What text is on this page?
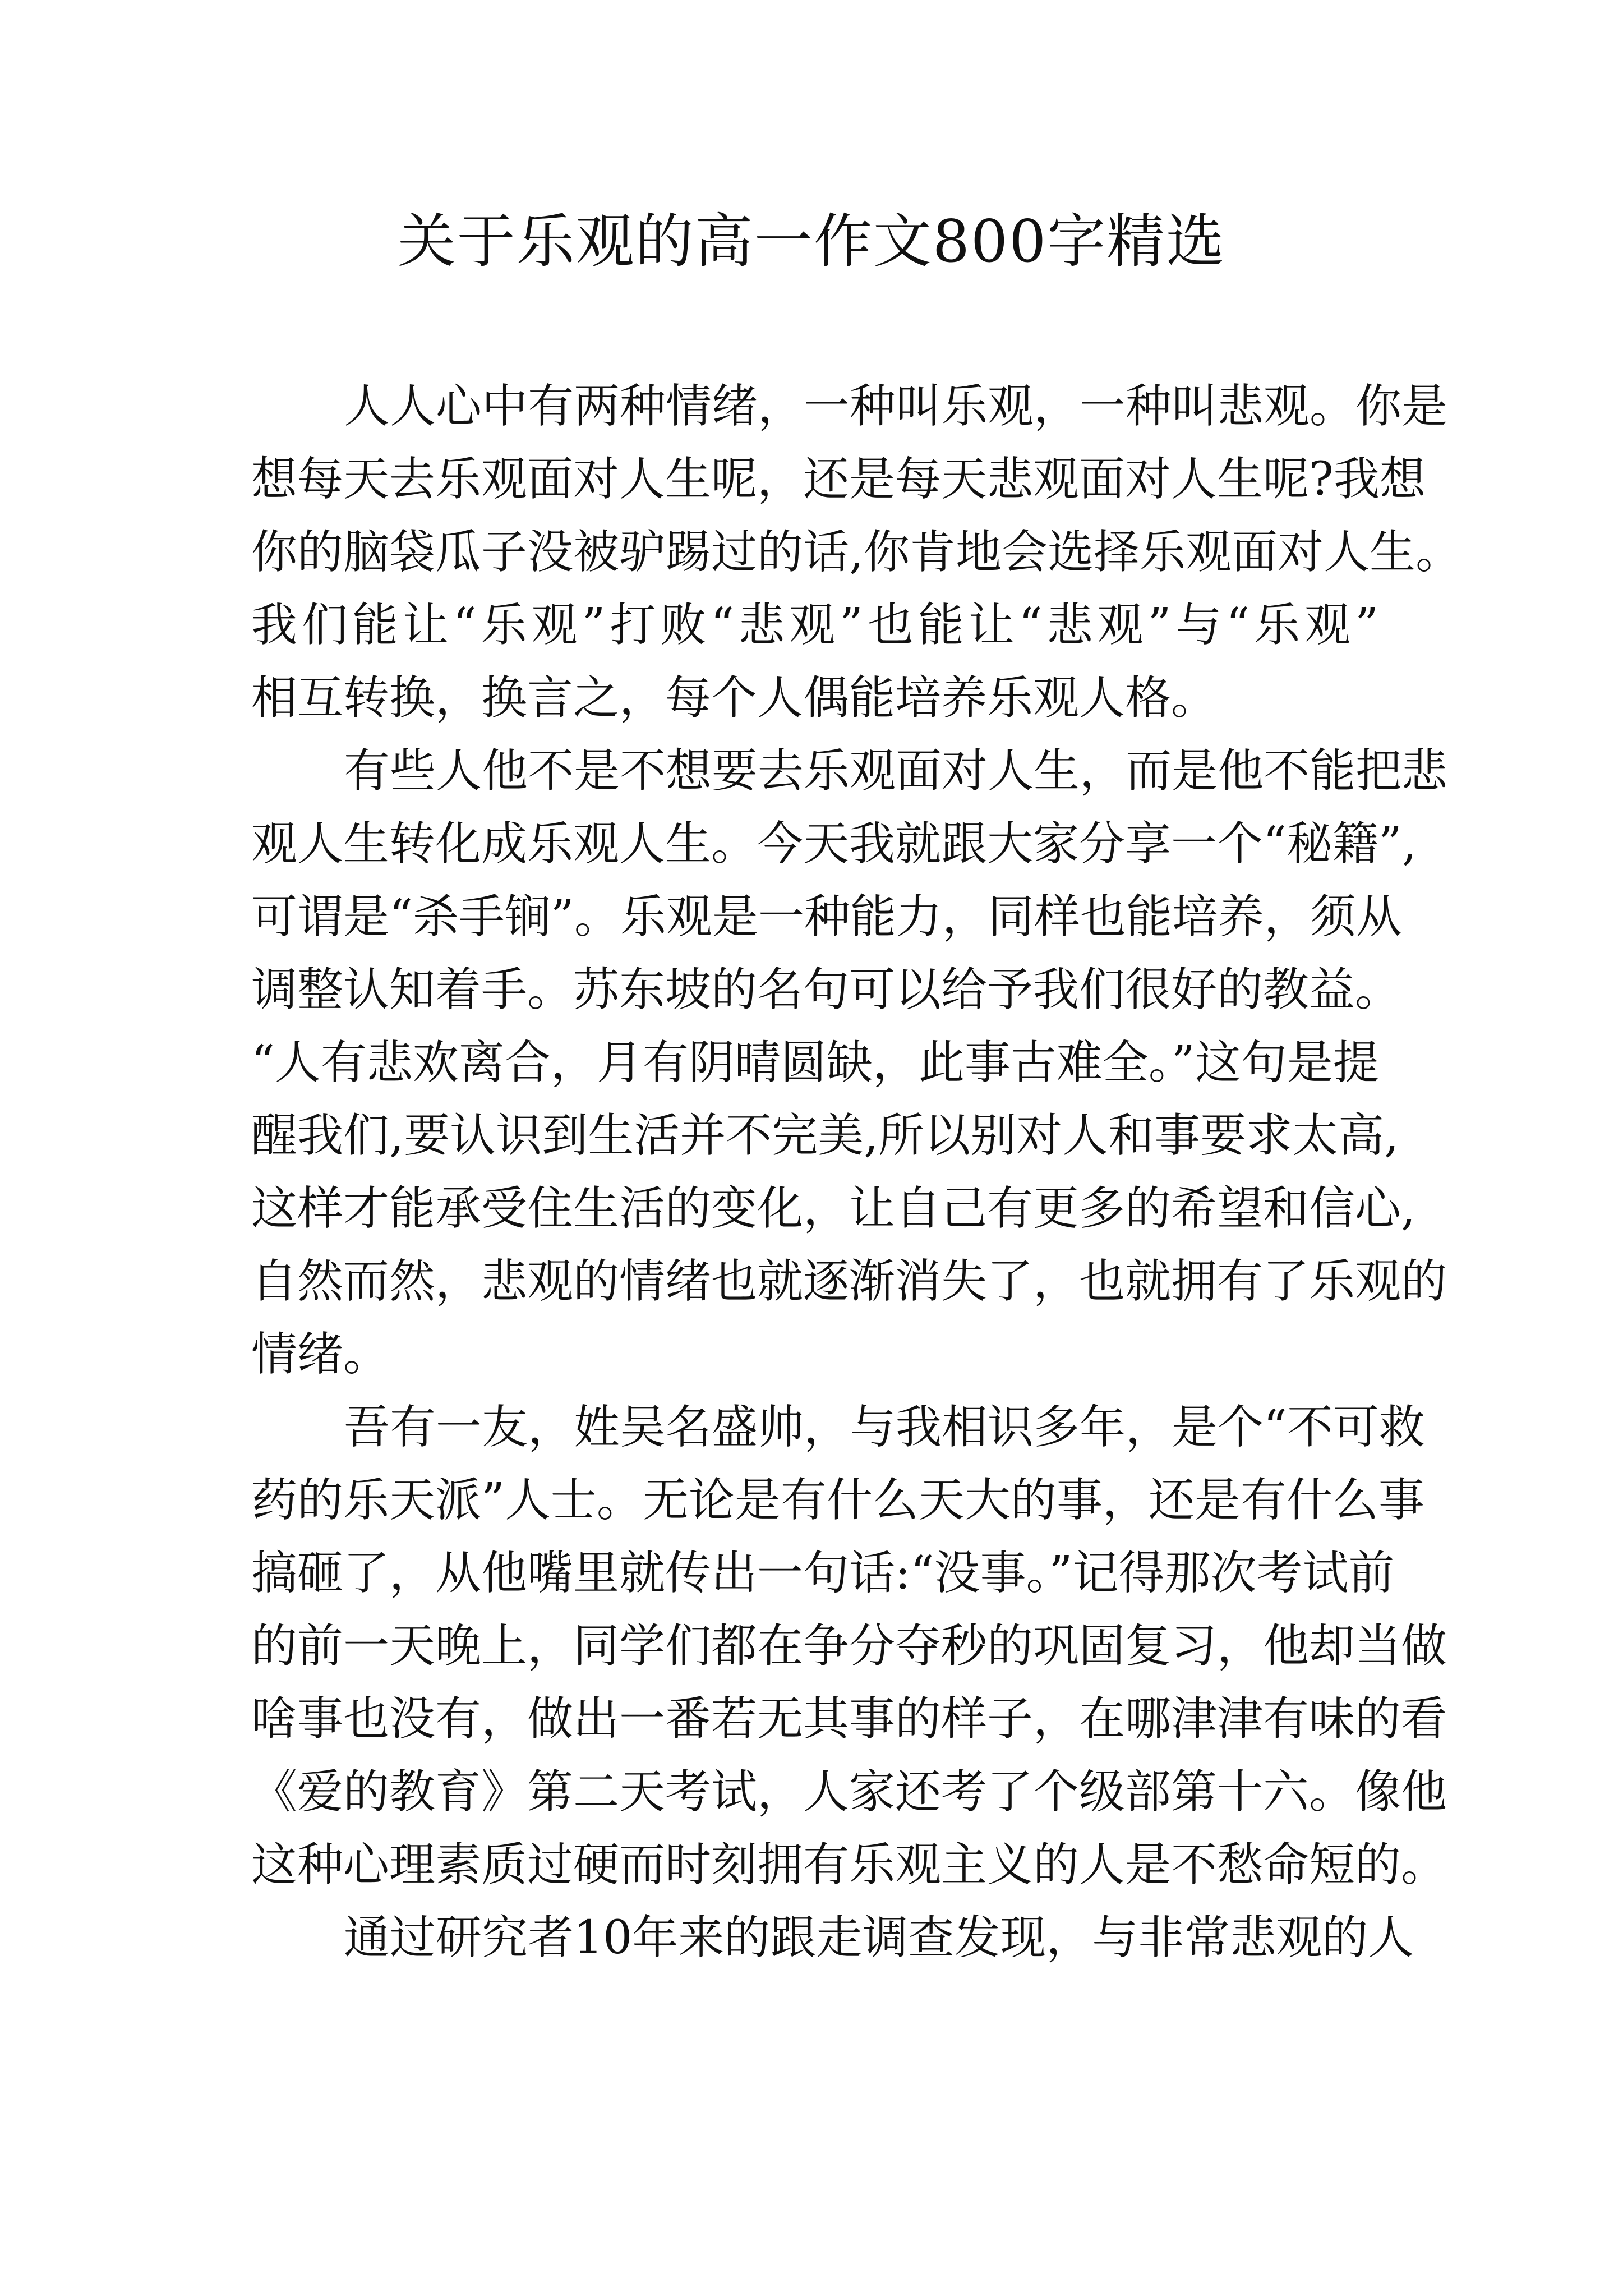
关于乐观的高一作文800字精选
人人心中有两种情绪，一种叫乐观，一种叫悲观。你是
想每天去乐观面对人生呢，还是每天悲观面对人生呢?我想
你的脑袋瓜子没被驴踢过的话,你肯地会选择乐观面对人生。
我们能让“乐观”打败“悲观”也能让“悲观”与“乐观”
相互转换，换言之，每个人偶能培养乐观人格。
有些人他不是不想要去乐观面对人生，而是他不能把悲
观人生转化成乐观人生。今天我就跟大家分享一个“秘籍”,
可谓是“杀手锏”。乐观是一种能力，同样也能培养，须从
调整认知着手。苏东坡的名句可以给予我们很好的教益。
“人有悲欢离合，月有阴晴圆缺，此事古难全。”这句是提
醒我们,要认识到生活并不完美,所以别对人和事要求太高,
这样才能承受住生活的变化，让自己有更多的希望和信心,
自然而然，悲观的情绪也就逐渐消失了，也就拥有了乐观的
情绪。
吾有一友，姓吴名盛帅，与我相识多年，是个“不可救
药的乐天派”人士。无论是有什么天大的事，还是有什么事
搞砸了，从他嘴里就传出一句话:“没事。”记得那次考试前
的前一天晚上，同学们都在争分夺秒的巩固复习，他却当做
啥事也没有，做出一番若无其事的样子，在哪津津有味的看
《爱的教育》第二天考试，人家还考了个级部第十六。像他
这种心理素质过硬而时刻拥有乐观主义的人是不愁命短的。
通过研究者10年来的跟走调查发现，与非常悲观的人
